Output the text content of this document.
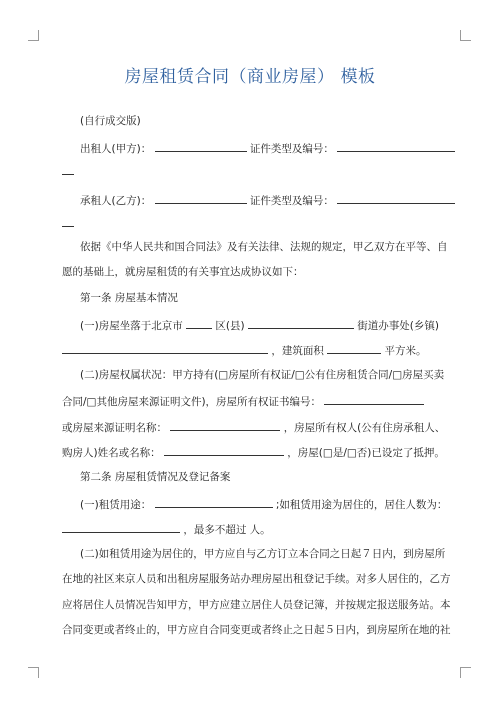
房屋租赁合同（商业房屋） 模板
(自行成交版)
出租人(甲方)：	证件类型及编号：
承租人(乙方)：	证件类型及编号：
依据《中华人民共和国合同法》及有关法律、法规的规定，甲乙双方在平等、自
愿的基础上，就房屋租赁的有关事宜达成协议如下：
第一条 房屋基本情况
(一)房屋坐落于北京市	区(县)	街道办事处(乡镇)
，建筑面积	平方米。
(二)房屋权属状况：甲方持有(□房屋所有权证/□公有住房租赁合同/□房屋买卖
合同/□其他房屋来源证明文件)，房屋所有权证书编号：
或房屋来源证明名称：	，房屋所有权人(公有住房承租人、
购房人)姓名或名称：	，房屋(□是/□否)已设定了抵押。
第二条 房屋租赁情况及登记备案
(一)租赁用途：	;如租赁用途为居住的，居住人数为：
，最多不超过 人。
(二)如租赁用途为居住的，甲方应自与乙方订立本合同之日起７日内，到房屋所
在地的社区来京人员和出租房屋服务站办理房屋出租登记手续。对多人居住的，乙方
应将居住人员情况告知甲方，甲方应建立居住人员登记簿，并按规定报送服务站。本
合同变更或者终止的，甲方应自合同变更或者终止之日起５日内，到房屋所在地的社
